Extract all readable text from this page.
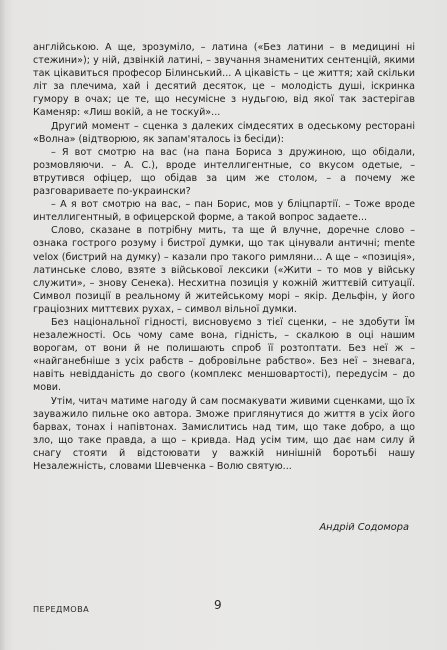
англійською. А ще, зрозуміло, – латина («Без латини – в медицині ні стежини»); у ній, дзвінкій латині, – звучання знаменитих сентенцій, якими так цікавиться професор Білинський... А цікавість – це життя; хай скільки літ за плечима, хай і десятий десяток, це – молодість душі, іскринка гумору в очах; це те, що несумісне з нудьгою, від якої так застерігав Каменяр: «Лиш вокій, а не тоскуй»...

Другий момент – сценка з далеких сімдесятих в одеському ресторані «Волна» (відтворюю, як запам'яталось із бесіди):

– Я вот смотрю на вас (на пана Бориса з дружиною, що обідали, розмовляючи. – А. С.), вроде интеллигентные, со вкусом одетые, – втрутився офіцер, що обідав за цим же столом, – а почему же разговариваете по-украински?

– А я вот смотрю на вас, – пан Борис, мов у бліцпартії. – Тоже вроде интеллигентный, в офицерской форме, а такой вопрос задаете...

Слово, сказане в потрібну мить, та ще й влучне, доречне слово – ознака гострого розуму і бистрої думки, що так цінували античні; mente velox (бистрий на думку) – казали про такого римляни... А ще – «позиція», латинське слово, взяте з військової лексики («Жити – то мов у війську служити», – знову Сенека). Несхитна позиція у кожній життєвій ситуації. Символ позиції в реальному й житейському морі – якір. Дельфін, у його граціозних миттєвих рухах, – символ вільної думки.

Без національної гідності, висновуємо з тієї сценки, – не здобути Їм незалежності. Ось чому саме вона, гідність, – скалкою в оці нашим ворогам, от вони й не полишають спроб її розтоптати. Без неї ж – «найганебніше з усіх рабств – добровільне рабство». Без неї – зневага, навіть невідданість до свого (комплекс меншовартості), передусім – до мови.

Утім, читач матиме нагоду й сам посмакувати живими сценками, що їх зауважило пильне око автора. Зможе приглянутися до життя в усіх його барвах, тонах і напівтонах. Замислитись над тим, що таке добро, а що зло, що таке правда, а що – кривда. Над усім тим, що дає нам силу й снагу стояти й відстоювати у важкій нинішній боротьбі нашу Незалежність, словами Шевченка – Волю святую...

Андрій Содомора
ПЕРЕДМОВА	9
